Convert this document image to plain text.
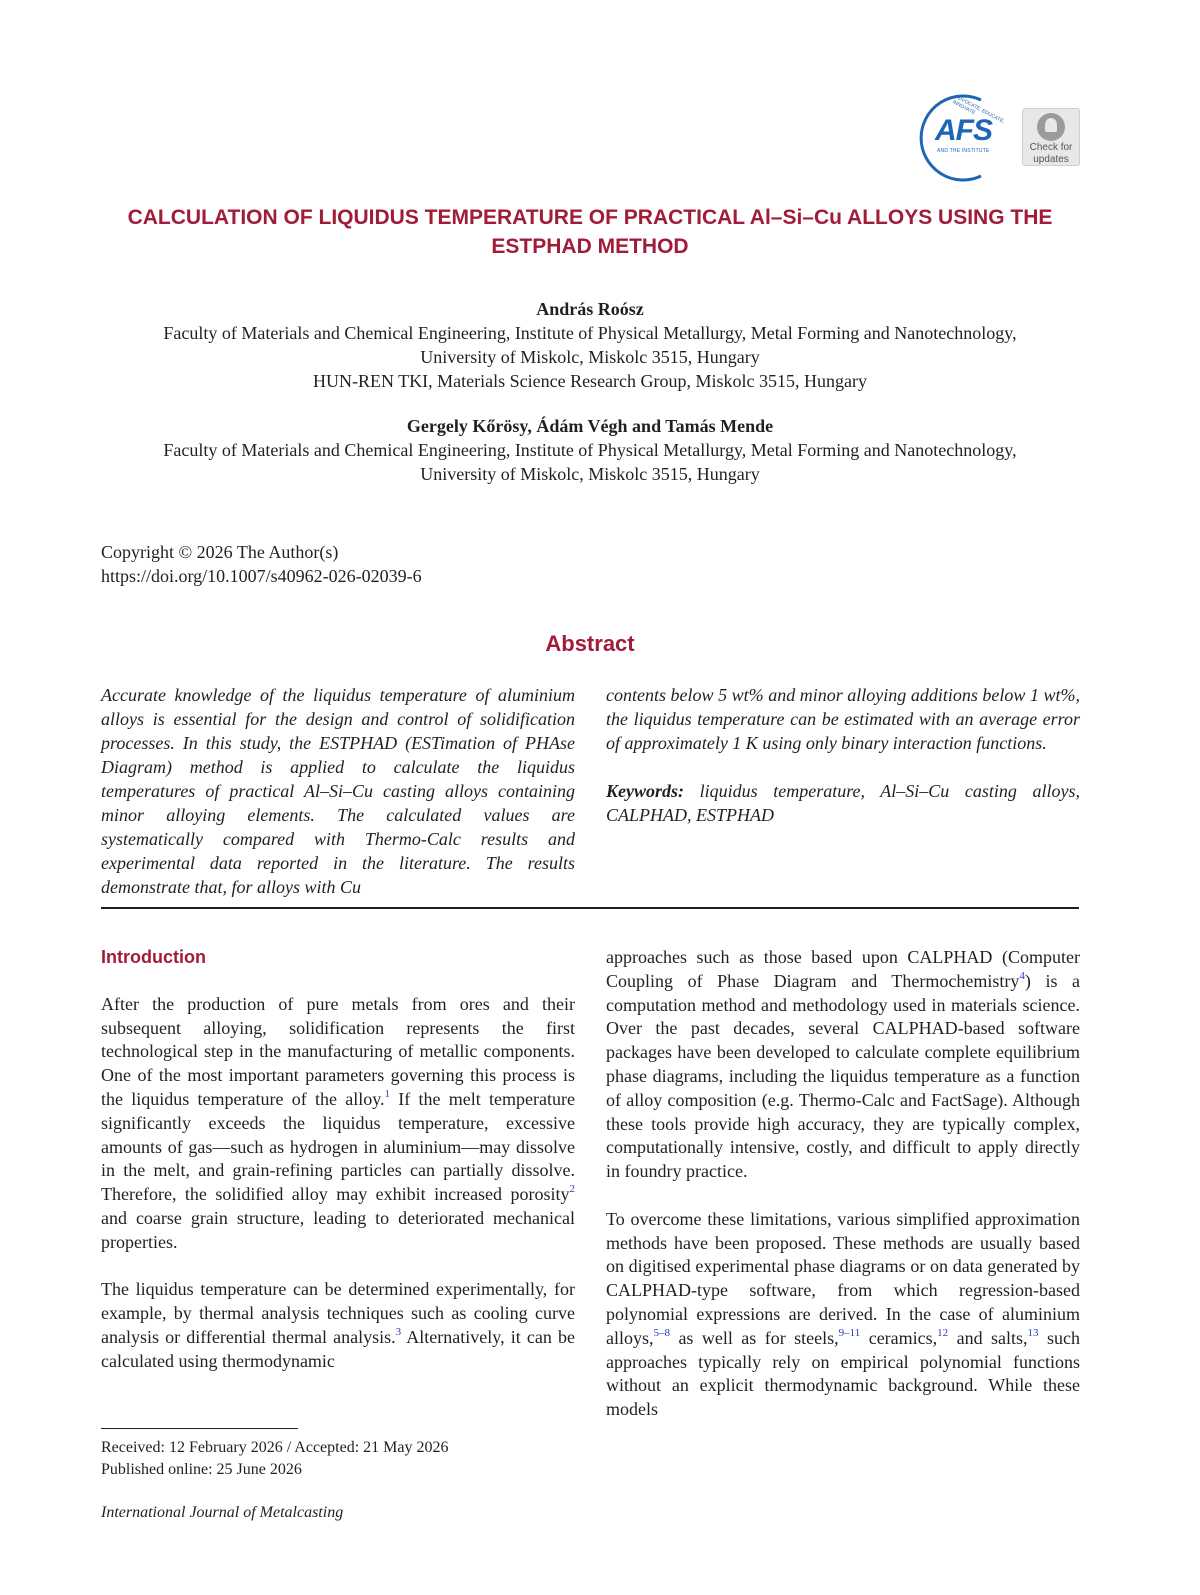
ADVOCATE, EDUCATE, INNOVATE
AFS
AND THE INSTITUTE	Check for
updates
CALCULATION OF LIQUIDUS TEMPERATURE OF PRACTICAL Al–Si–Cu ALLOYS USING THE ESTPHAD METHOD
András Roósz
Faculty of Materials and Chemical Engineering, Institute of Physical Metallurgy, Metal Forming and Nanotechnology,
University of Miskolc, Miskolc 3515, Hungary
HUN-REN TKI, Materials Science Research Group, Miskolc 3515, Hungary
Gergely Kőrösy, Ádám Végh and Tamás Mende
Faculty of Materials and Chemical Engineering, Institute of Physical Metallurgy, Metal Forming and Nanotechnology,
University of Miskolc, Miskolc 3515, Hungary
Copyright © 2026 The Author(s)
https://doi.org/10.1007/s40962-026-02039-6
Abstract
Accurate knowledge of the liquidus temperature of aluminium alloys is essential for the design and control of solidification processes. In this study, the ESTPHAD (ESTimation of PHAse Diagram) method is applied to calculate the liquidus temperatures of practical Al–Si–Cu casting alloys containing minor alloying elements. The calculated values are systematically compared with Thermo-Calc results and experimental data reported in the literature. The results demonstrate that, for alloys with Cu
contents below 5 wt% and minor alloying additions below 1 wt%, the liquidus temperature can be estimated with an average error of approximately 1 K using only binary interaction functions.
Keywords: liquidus temperature, Al–Si–Cu casting alloys, CALPHAD, ESTPHAD
Introduction

After the production of pure metals from ores and their subsequent alloying, solidification represents the first technological step in the manufacturing of metallic components. One of the most important parameters governing this process is the liquidus temperature of the alloy.$^1$ If the melt temperature significantly exceeds the liquidus temperature, excessive amounts of gas—such as hydrogen in aluminium—may dissolve in the melt, and grain-refining particles can partially dissolve. Therefore, the solidified alloy may exhibit increased porosity$^2$ and coarse grain structure, leading to deteriorated mechanical properties.

The liquidus temperature can be determined experimentally, for example, by thermal analysis techniques such as cooling curve analysis or differential thermal analysis.$^3$ Alternatively, it can be calculated using thermodynamic

approaches such as those based upon CALPHAD (Computer Coupling of Phase Diagram and Thermochemistry$^4$) is a computation method and methodology used in materials science. Over the past decades, several CALPHAD-based software packages have been developed to calculate complete equilibrium phase diagrams, including the liquidus temperature as a function of alloy composition (e.g. Thermo-Calc and FactSage). Although these tools provide high accuracy, they are typically complex, computationally intensive, costly, and difficult to apply directly in foundry practice.

To overcome these limitations, various simplified approximation methods have been proposed. These methods are usually based on digitised experimental phase diagrams or on data generated by CALPHAD-type software, from which regression-based polynomial expressions are derived. In the case of aluminium alloys,$^{5-8}$ as well as for steels,$^{9-11}$ ceramics,$^{12}$ and salts,$^{13}$ such approaches typically rely on empirical polynomial functions without an explicit thermodynamic background. While these models

Received: 12 February 2026 / Accepted: 21 May 2026
Published online: 25 June 2026
International Journal of Metalcasting
